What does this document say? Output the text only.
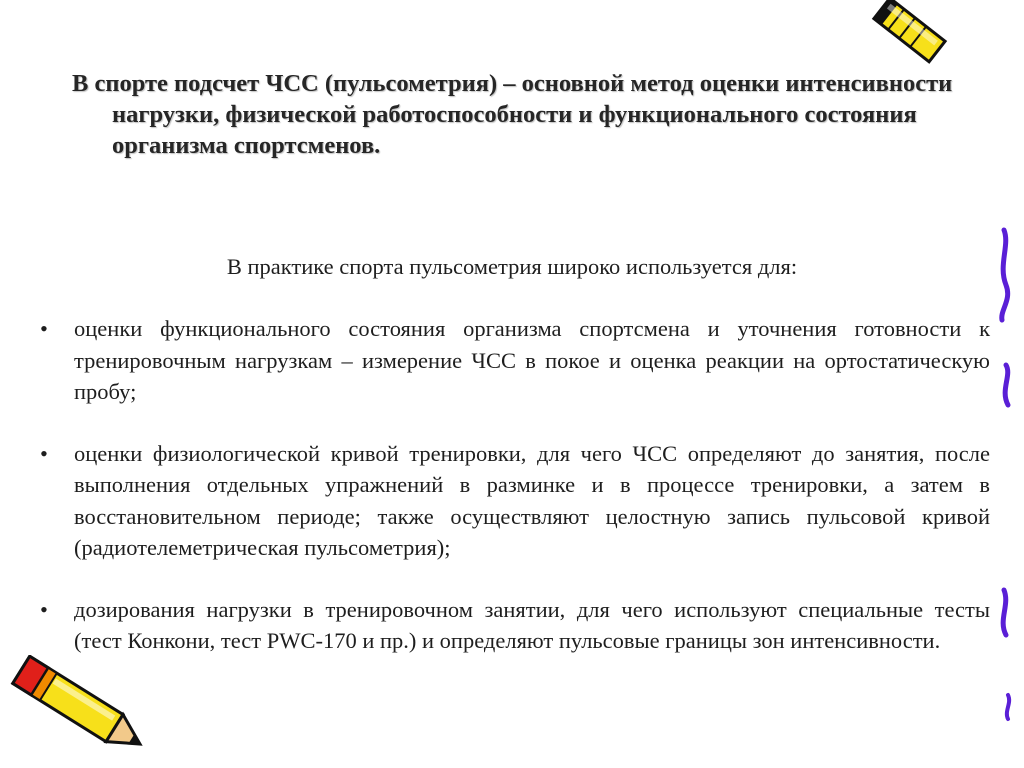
В спорте подсчет ЧСС (пульсометрия) – основной метод оценки интенсивности нагрузки, физической работоспособности и функционального состояния организма спортсменов.

В практике спорта пульсометрия широко используется для:

• оценки функционального состояния организма спортсмена и уточнения готовности к тренировочным нагрузкам – измерение ЧСС в покое и оценка реакции на ортостатическую пробу;
• оценки физиологической кривой тренировки, для чего ЧСС определяют до занятия, после выполнения отдельных упражнений в разминке и в процессе тренировки, а затем в восстановительном периоде; также осуществляют целостную запись пульсовой кривой (радиотелеметрическая пульсометрия);
• дозирования нагрузки в тренировочном занятии, для чего используют специальные тесты (тест Конкони, тест PWC-170 и пр.) и определяют пульсовые границы зон интенсивности.
